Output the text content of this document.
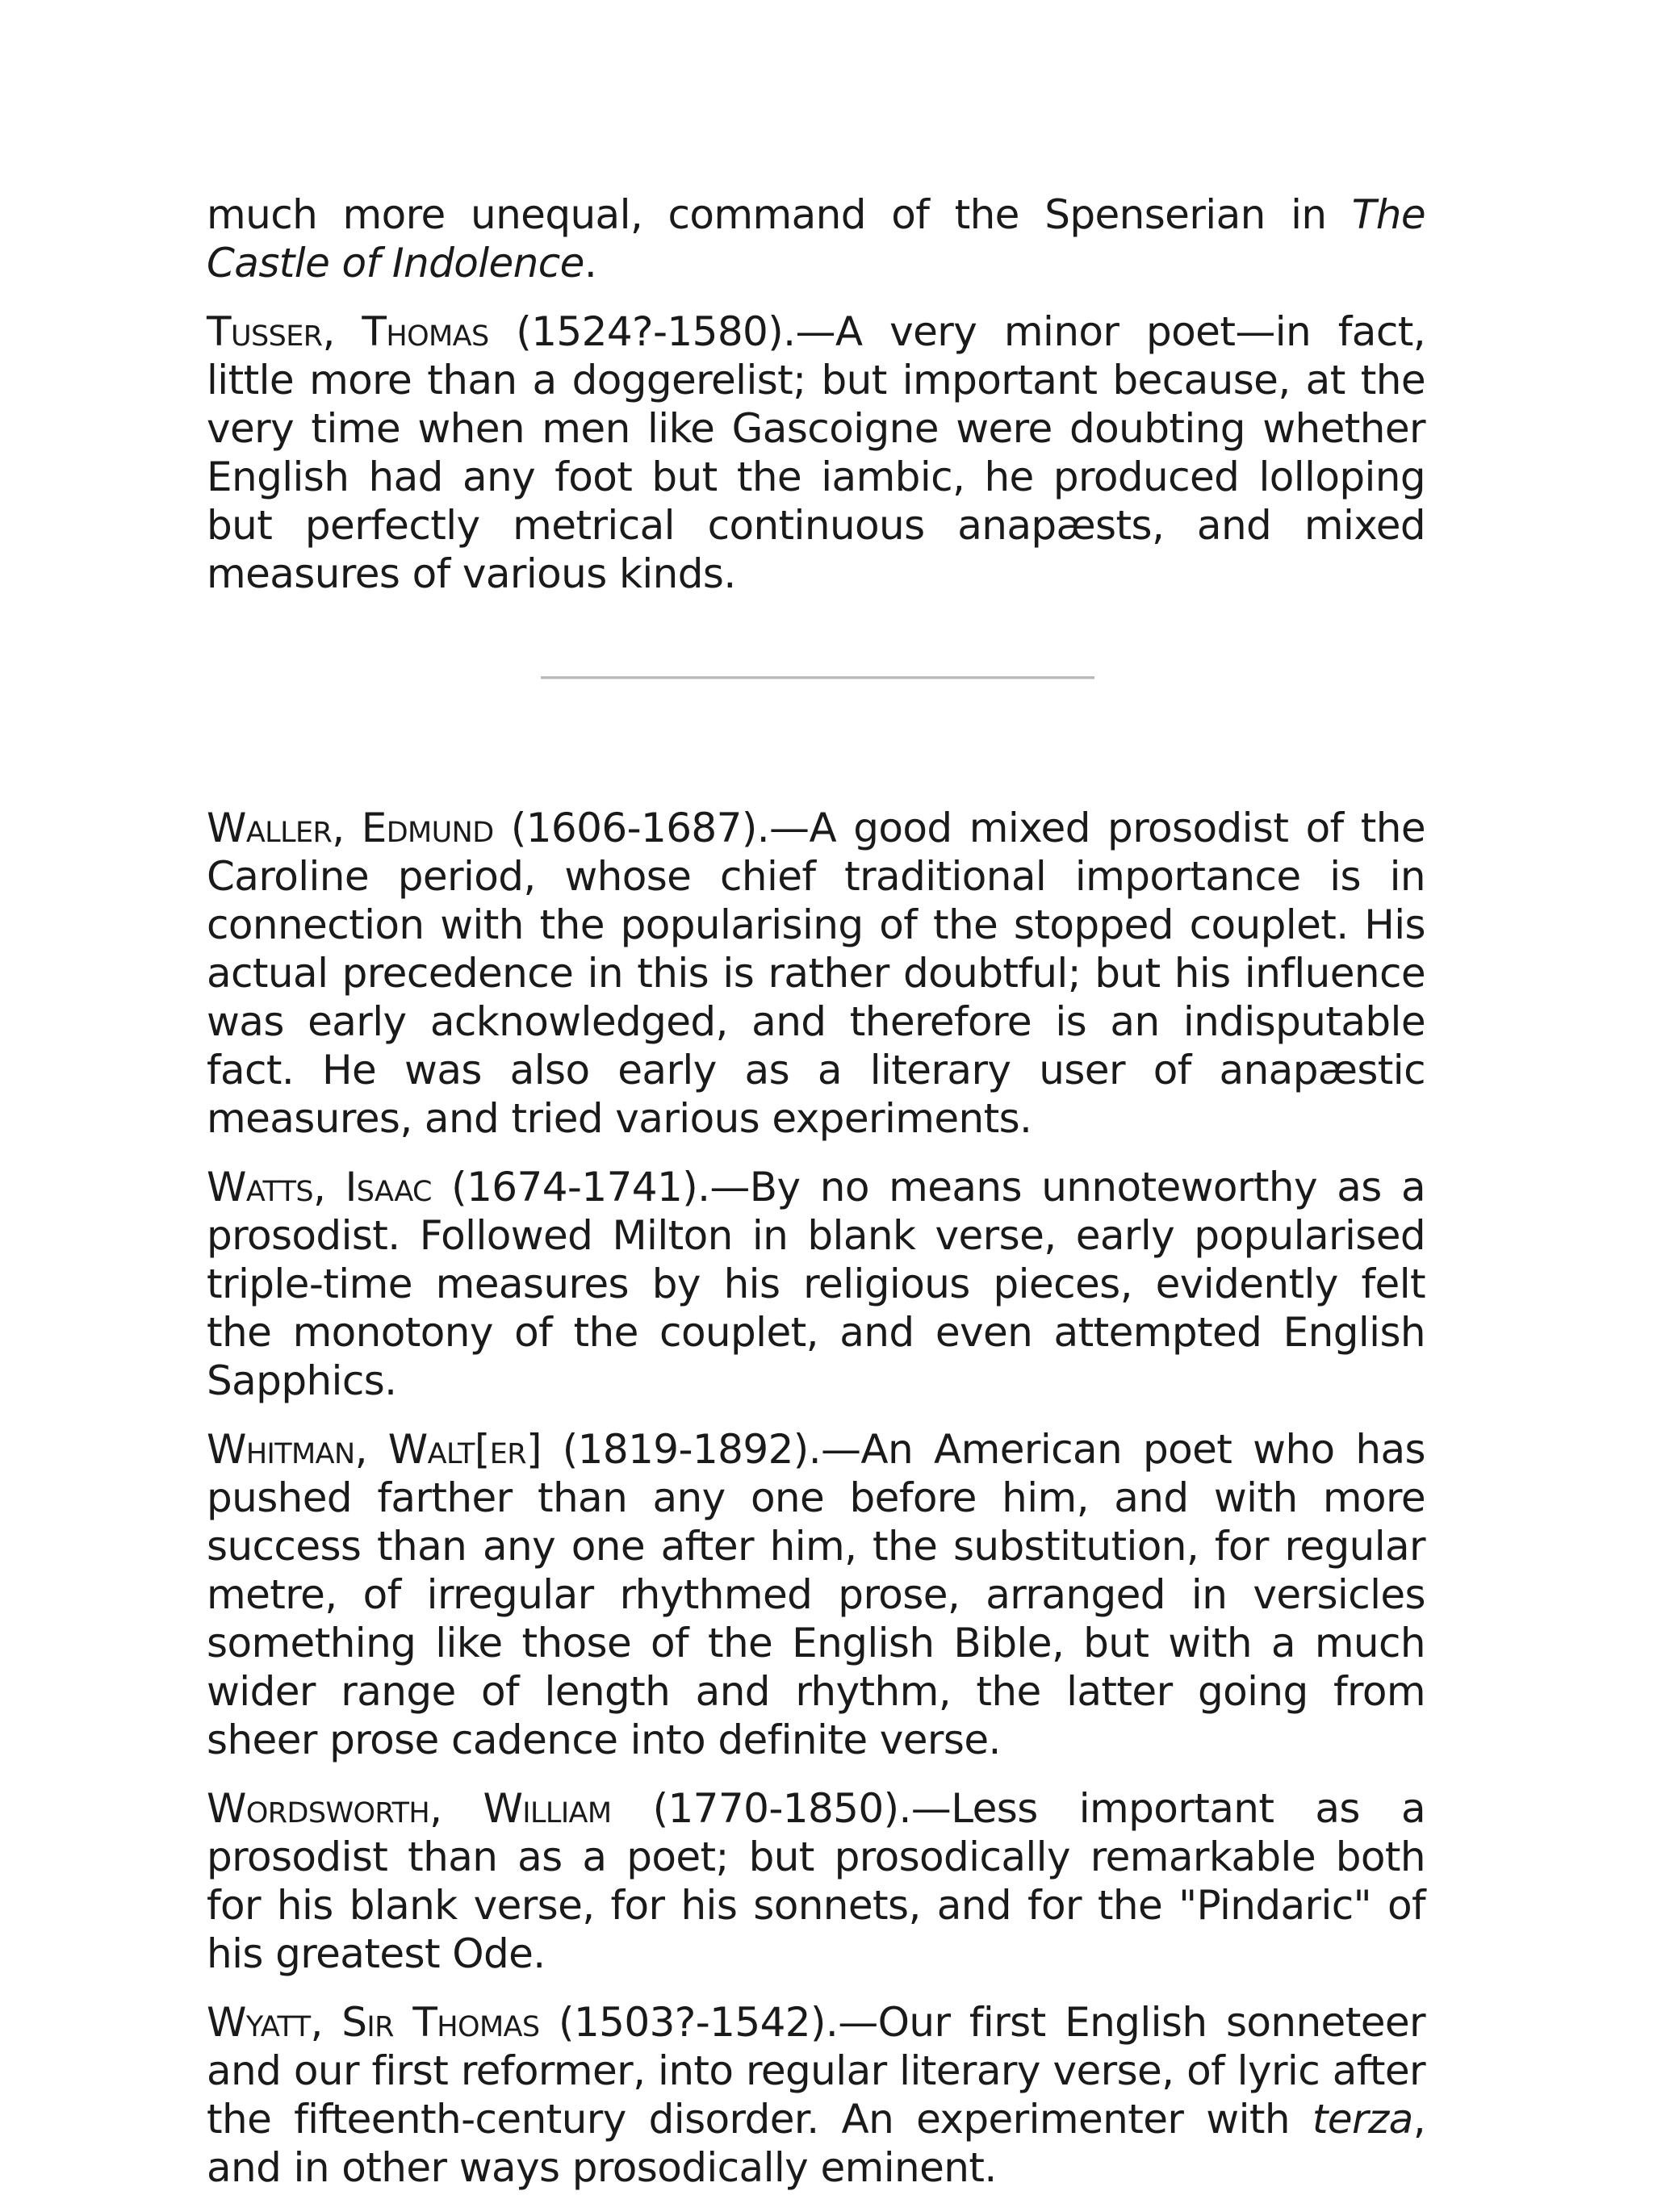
much more unequal, command of the Spenserian in The Castle of Indolence.

Tusser, Thomas (1524?-1580).—A very minor poet—in fact, little more than a doggerelist; but important because, at the very time when men like Gascoigne were doubting whether English had any foot but the iambic, he produced lolloping but perfectly metrical continuous anapæsts, and mixed measures of various kinds.

Waller, Edmund (1606-1687).—A good mixed prosodist of the Caroline period, whose chief traditional importance is in connection with the popularising of the stopped couplet. His actual precedence in this is rather doubtful; but his influence was early acknowledged, and therefore is an indisputable fact. He was also early as a literary user of anapæstic measures, and tried various experiments.

Watts, Isaac (1674-1741).—By no means unnoteworthy as a prosodist. Followed Milton in blank verse, early popularised triple-time measures by his religious pieces, evidently felt the monotony of the couplet, and even attempted English Sapphics.

Whitman, Walt[er] (1819-1892).—An American poet who has pushed farther than any one before him, and with more success than any one after him, the substitution, for regular metre, of irregular rhythmed prose, arranged in versicles something like those of the English Bible, but with a much wider range of length and rhythm, the latter going from sheer prose cadence into definite verse.

Wordsworth, William (1770-1850).—Less important as a prosodist than as a poet; but prosodically remarkable both for his blank verse, for his sonnets, and for the "Pindaric" of his greatest Ode.

Wyatt, Sir Thomas (1503?-1542).—Our first English sonneteer and our first reformer, into regular literary verse, of lyric after the fifteenth-century disorder. An experimenter with terza, and in other ways prosodically eminent.
